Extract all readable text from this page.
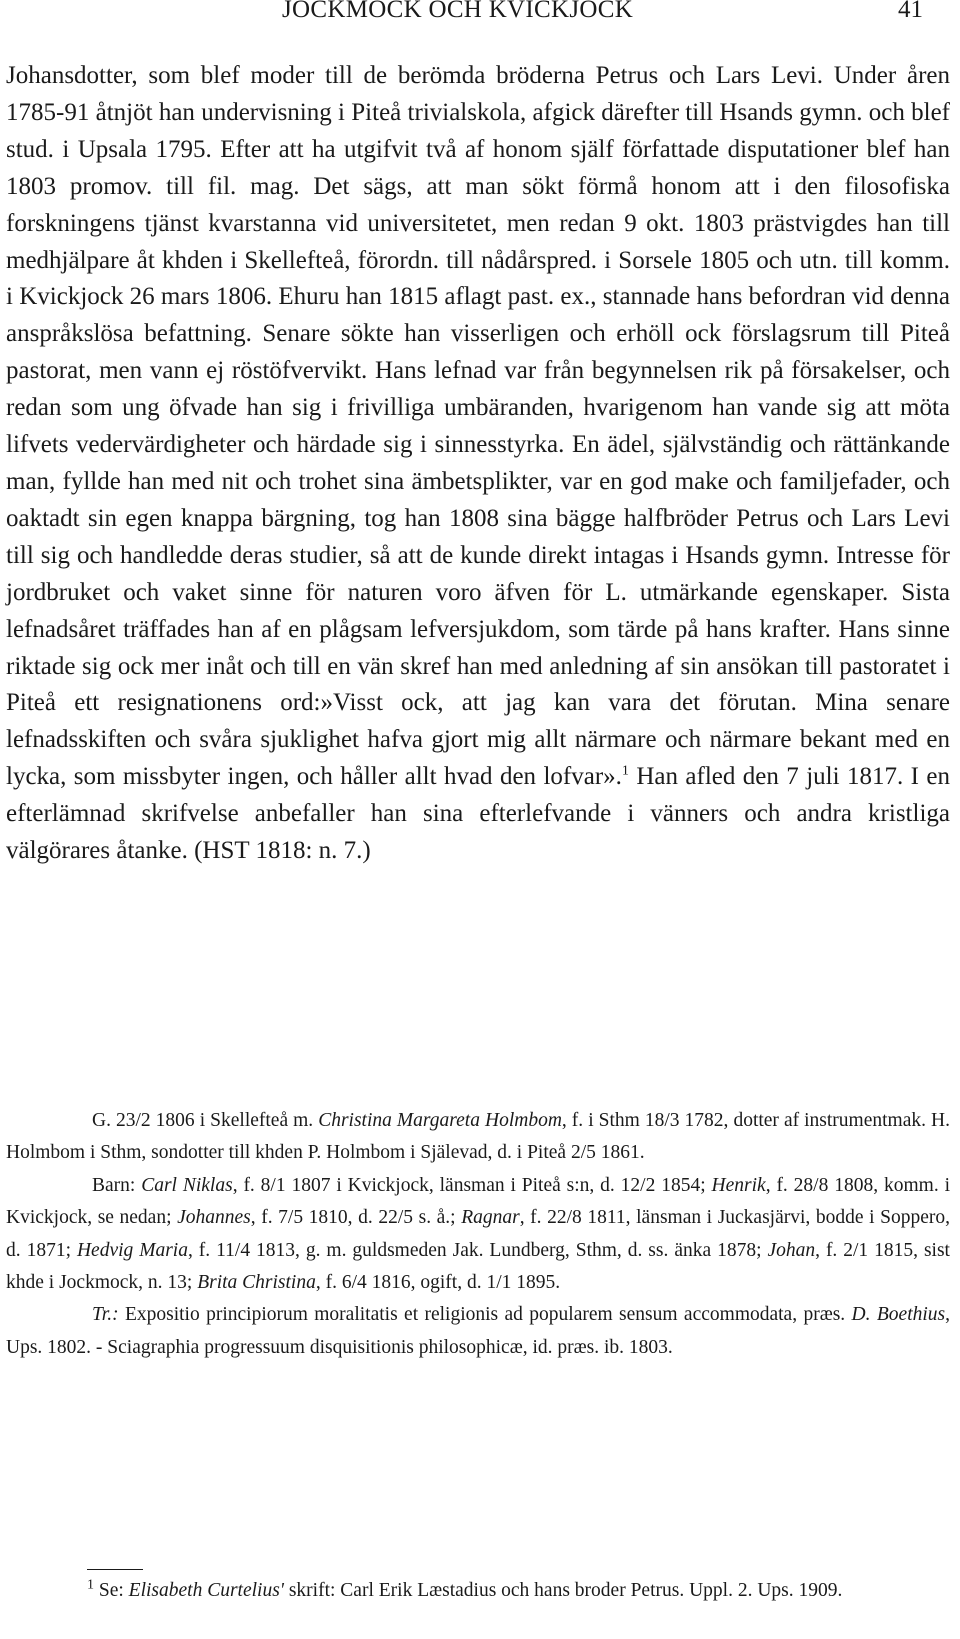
JOCKMOCK OCH KVICKJOCK	41

Johansdotter, som blef moder till de berömda bröderna Petrus och Lars Levi. Under åren 1785-91 åtnjöt han undervisning i Piteå trivialskola, afgick därefter till Hsands gymn. och blef stud. i Upsala 1795. Efter att ha utgifvit två af honom själf författade disputationer blef han 1803 promov. till fil. mag. Det sägs, att man sökt förmå honom att i den filosofiska forskningens tjänst kvarstanna vid universitetet, men redan 9 okt. 1803 prästvigdes han till medhjälpare åt khden i Skellefteå, förordn. till nådårspred. i Sorsele 1805 och utn. till komm. i Kvickjock 26 mars 1806. Ehuru han 1815 aflagt past. ex., stannade hans befordran vid denna anspråkslösa befattning. Senare sökte han visserligen och erhöll ock förslagsrum till Piteå pastorat, men vann ej röstöfvervikt. Hans lefnad var från begynnelsen rik på försakelser, och redan som ung öfvade han sig i frivilliga umbäranden, hvarigenom han vande sig att möta lifvets vedervärdigheter och härdade sig i sinnesstyrka. En ädel, självständig och rättänkande man, fyllde han med nit och trohet sina ämbetsplikter, var en god make och familjefader, och oaktadt sin egen knappa bärgning, tog han 1808 sina bägge halfbröder Petrus och Lars Levi till sig och handledde deras studier, så att de kunde direkt intagas i Hsands gymn. Intresse för jordbruket och vaket sinne för naturen voro äfven för L. utmärkande egenskaper. Sista lefnadsåret träffades han af en plågsam lefversjukdom, som tärde på hans krafter. Hans sinne riktade sig ock mer inåt och till en vän skref han med anledning af sin ansökan till pastoratet i Piteå ett resignationens ord:»Visst ock, att jag kan vara det förutan. Mina senare lefnadsskiften och svåra sjuklighet hafva gjort mig allt närmare och närmare bekant med en lycka, som missbyter ingen, och håller allt hvad den lofvar».$^1$ Han afled den 7 juli 1817. I en efterlämnad skrifvelse anbefaller han sina efterlefvande i vänners och andra kristliga välgörares åtanke. (HST 1818: n. 7.)

G. 23/2 1806 i Skellefteå m. Christina Margareta Holmbom, f. i Sthm 18/3 1782, dotter af instrumentmak. H. Holmbom i Sthm, sondotter till khden P. Holmbom i Själevad, d. i Piteå 2/5 1861.

Barn: Carl Niklas, f. 8/1 1807 i Kvickjock, länsman i Piteå s:n, d. 12/2 1854; Henrik, f. 28/8 1808, komm. i Kvickjock, se nedan; Johannes, f. 7/5 1810, d. 22/5 s. å.; Ragnar, f. 22/8 1811, länsman i Juckasjärvi, bodde i Soppero, d. 1871; Hedvig Maria, f. 11/4 1813, g. m. guldsmeden Jak. Lundberg, Sthm, d. ss. änka 1878; Johan, f. 2/1 1815, sist khde i Jockmock, n. 13; Brita Christina, f. 6/4 1816, ogift, d. 1/1 1895.

Tr.: Expositio principiorum moralitatis et religionis ad popularem sensum accommodata, præs. D. Boethius, Ups. 1802. - Sciagraphia progressuum disquisitionis philosophicæ, id. præs. ib. 1803.

$^1$ Se: Elisabeth Curtelius' skrift: Carl Erik Læstadius och hans broder Petrus. Uppl. 2. Ups. 1909.
